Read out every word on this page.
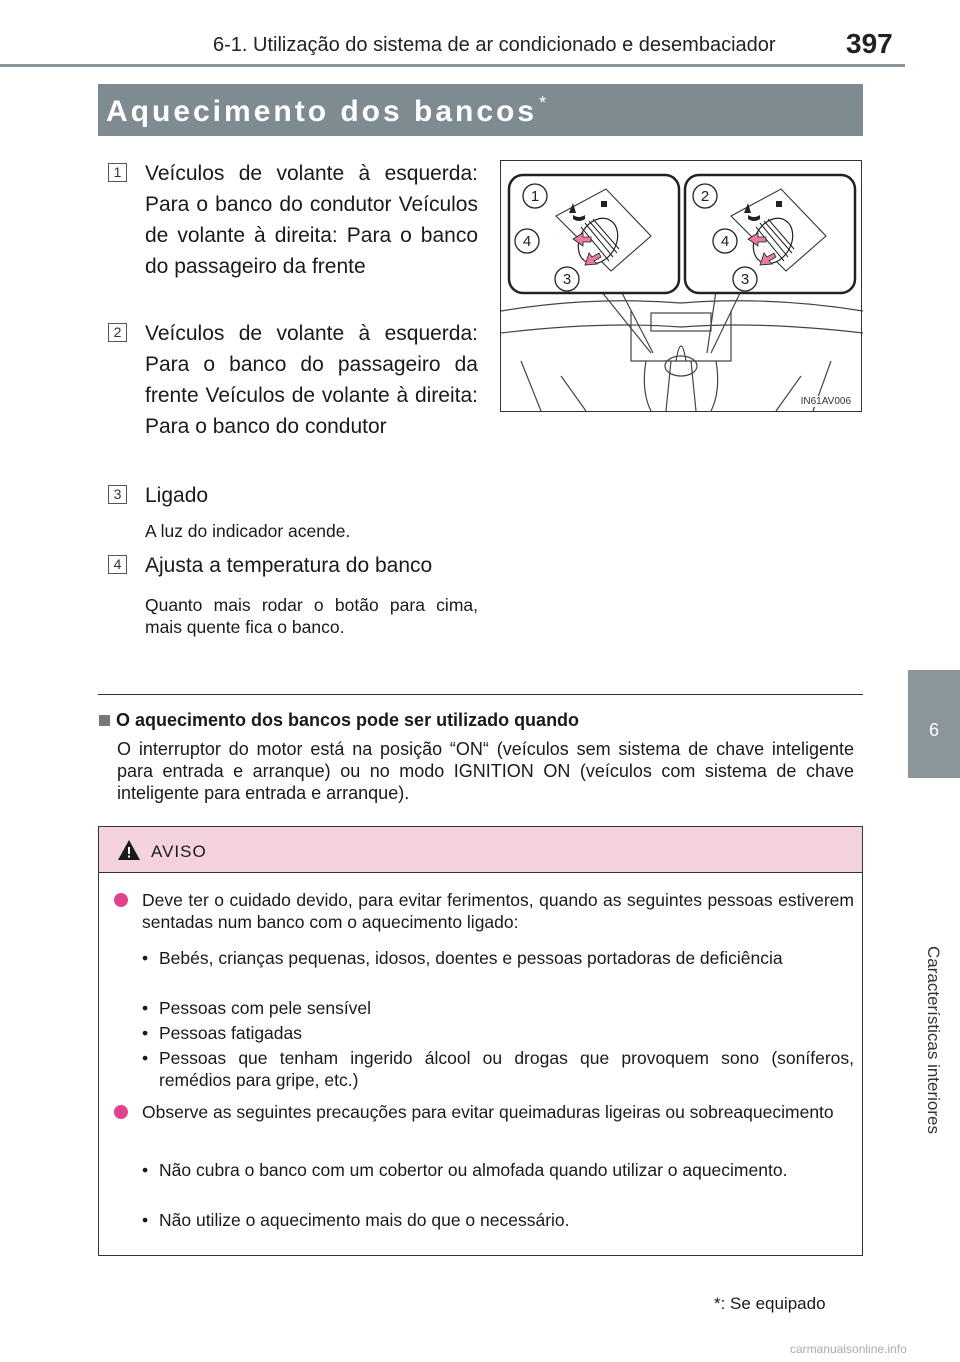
6-1. Utilização do sistema de ar condicionado e desembaciador	397
6
Características interiores
Aquecimento dos bancos *
1 Veículos de volante à esquerda: Para o banco do condutor Veículos de volante à direita: Para o banco do passageiro da frente
2 Veículos de volante à esquerda: Para o banco do passageiro da frente Veículos de volante à direita: Para o banco do condutor
3 Ligado
A luz do indicador acende.
4 Ajusta a temperatura do banco
Quanto mais rodar o botão para cima, mais quente fica o banco.
1	2
4
3
4
3
IN61AV006
O aquecimento dos bancos pode ser utilizado quando
O interruptor do motor está na posição “ON“ (veículos sem sistema de chave inteligente para entrada e arranque) ou no modo IGNITION ON (veículos com sistema de chave inteligente para entrada e arranque).
AVISO
Deve ter o cuidado devido, para evitar ferimentos, quando as seguintes pessoas estiverem sentadas num banco com o aquecimento ligado:
• Bebés, crianças pequenas, idosos, doentes e pessoas portadoras de deficiência
• Pessoas com pele sensível
• Pessoas fatigadas
• Pessoas que tenham ingerido álcool ou drogas que provoquem sono (soníferos, remédios para gripe, etc.)
Observe as seguintes precauções para evitar queimaduras ligeiras ou sobreaquecimento
• Não cubra o banco com um cobertor ou almofada quando utilizar o aquecimento.
• Não utilize o aquecimento mais do que o necessário.
*: Se equipado
carmanualsonline.info
